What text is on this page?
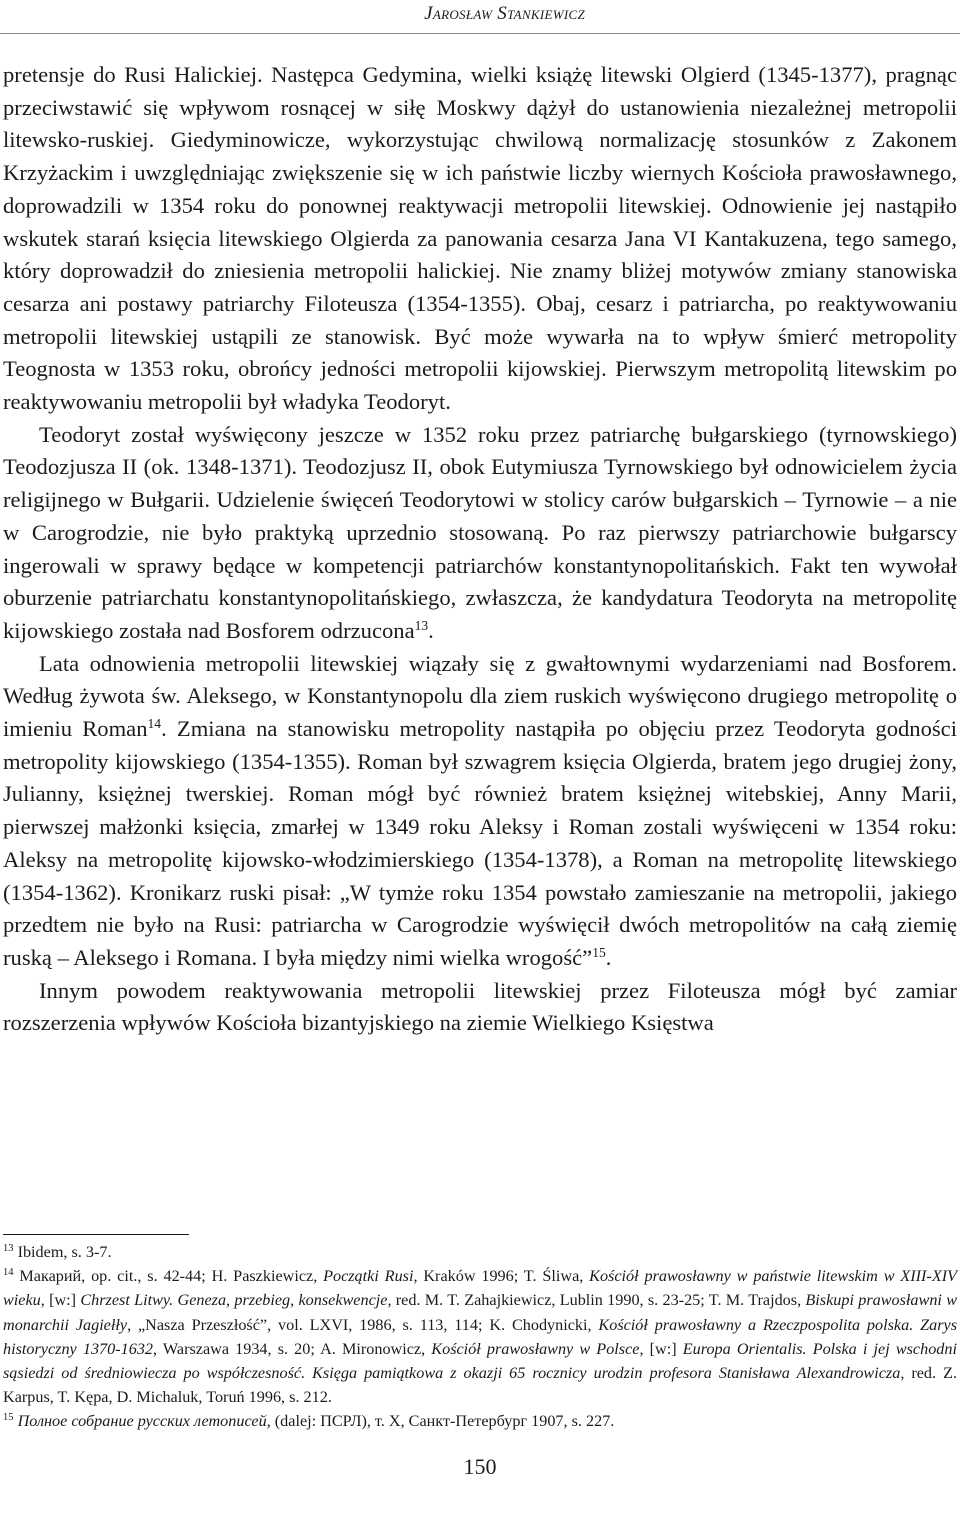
Jarosław Stankiewicz

pretensje do Rusi Halickiej. Następca Gedymina, wielki książę litewski Olgierd (1345-1377), pragnąc przeciwstawić się wpływom rosnącej w siłę Moskwy dążył do ustanowienia niezależnej metropolii litewsko-ruskiej. Giedyminowicze, wykorzystując chwilową normalizację stosunków z Zakonem Krzyżackim i uwzględniając zwiększenie się w ich państwie liczby wiernych Kościoła prawosławnego, doprowadzili w 1354 roku do ponownej reaktywacji metropolii litewskiej. Odnowienie jej nastąpiło wskutek starań księcia litewskiego Olgierda za panowania cesarza Jana VI Kantakuzena, tego samego, który doprowadził do zniesienia metropolii halickiej. Nie znamy bliżej motywów zmiany stanowiska cesarza ani postawy patriarchy Filoteusza (1354-1355). Obaj, cesarz i patriarcha, po reaktywowaniu metropolii litewskiej ustąpili ze stanowisk. Być może wywarła na to wpływ śmierć metropolity Teognosta w 1353 roku, obrońcy jedności metropolii kijowskiej. Pierwszym metropolitą litewskim po reaktywowaniu metropolii był władyka Teodoryt.

Teodoryt został wyświęcony jeszcze w 1352 roku przez patriarchę bułgarskiego (tyrnowskiego) Teodozjusza II (ok. 1348-1371). Teodozjusz II, obok Eutymiusza Tyrnowskiego był odnowicielem życia religijnego w Bułgarii. Udzielenie święceń Teodorytowi w stolicy carów bułgarskich – Tyrnowie – a nie w Carogrodzie, nie było praktyką uprzednio stosowaną. Po raz pierwszy patriarchowie bułgarscy ingerowali w sprawy będące w kompetencji patriarchów konstantynopolitańskich. Fakt ten wywołał oburzenie patriarchatu konstantynopolitańskiego, zwłaszcza, że kandydatura Teodoryta na metropolitę kijowskiego została nad Bosforem odrzucona$^{13}$.

Lata odnowienia metropolii litewskiej wiązały się z gwałtownymi wydarzeniami nad Bosforem. Według żywota św. Aleksego, w Konstantynopolu dla ziem ruskich wyświęcono drugiego metropolitę o imieniu Roman$^{14}$. Zmiana na stanowisku metropolity nastąpiła po objęciu przez Teodoryta godności metropolity kijowskiego (1354-1355). Roman był szwagrem księcia Olgierda, bratem jego drugiej żony, Julianny, księżnej twerskiej. Roman mógł być również bratem księżnej witebskiej, Anny Marii, pierwszej małżonki księcia, zmarłej w 1349 roku Aleksy i Roman zostali wyświęceni w 1354 roku: Aleksy na metropolitę kijowsko-włodzimierskiego (1354-1378), a Roman na metropolitę litewskiego (1354-1362). Kronikarz ruski pisał: „W tymże roku 1354 powstało zamieszanie na metropolii, jakiego przedtem nie było na Rusi: patriarcha w Carogrodzie wyświęcił dwóch metropolitów na całą ziemię ruską – Aleksego i Romana. I była między nimi wielka wrogość”$^{15}$.

Innym powodem reaktywowania metropolii litewskiej przez Filoteusza mógł być zamiar rozszerzenia wpływów Kościoła bizantyjskiego na ziemie Wielkiego Księstwa

$^{13}$ Ibidem, s. 3-7.

$^{14}$ Макарий, op. cit., s. 42-44; H. Paszkiewicz, Początki Rusi, Kraków 1996; T. Śliwa, Kościół prawosławny w państwie litewskim w XIII-XIV wieku, [w:] Chrzest Litwy. Geneza, przebieg, konsekwencje, red. M. T. Zahajkiewicz, Lublin 1990, s. 23-25; T. M. Trajdos, Biskupi prawosławni w monarchii Jagiełły, „Nasza Przeszłość”, vol. LXVI, 1986, s. 113, 114; K. Chodynicki, Kościół prawosławny a Rzeczpospolita polska. Zarys historyczny 1370-1632, Warszawa 1934, s. 20; A. Mironowicz, Kościół prawosławny w Polsce, [w:] Europa Orientalis. Polska i jej wschodni sąsiedzi od średniowiecza po współczesność. Księga pamiątkowa z okazji 65 rocznicy urodzin profesora Stanisława Alexandrowicza, red. Z. Karpus, T. Kępa, D. Michaluk, Toruń 1996, s. 212.

$^{15}$ Полное собрание русских летописей, (dalej: ПСРЛ), т. Х, Санкт-Петербург 1907, s. 227.

150
